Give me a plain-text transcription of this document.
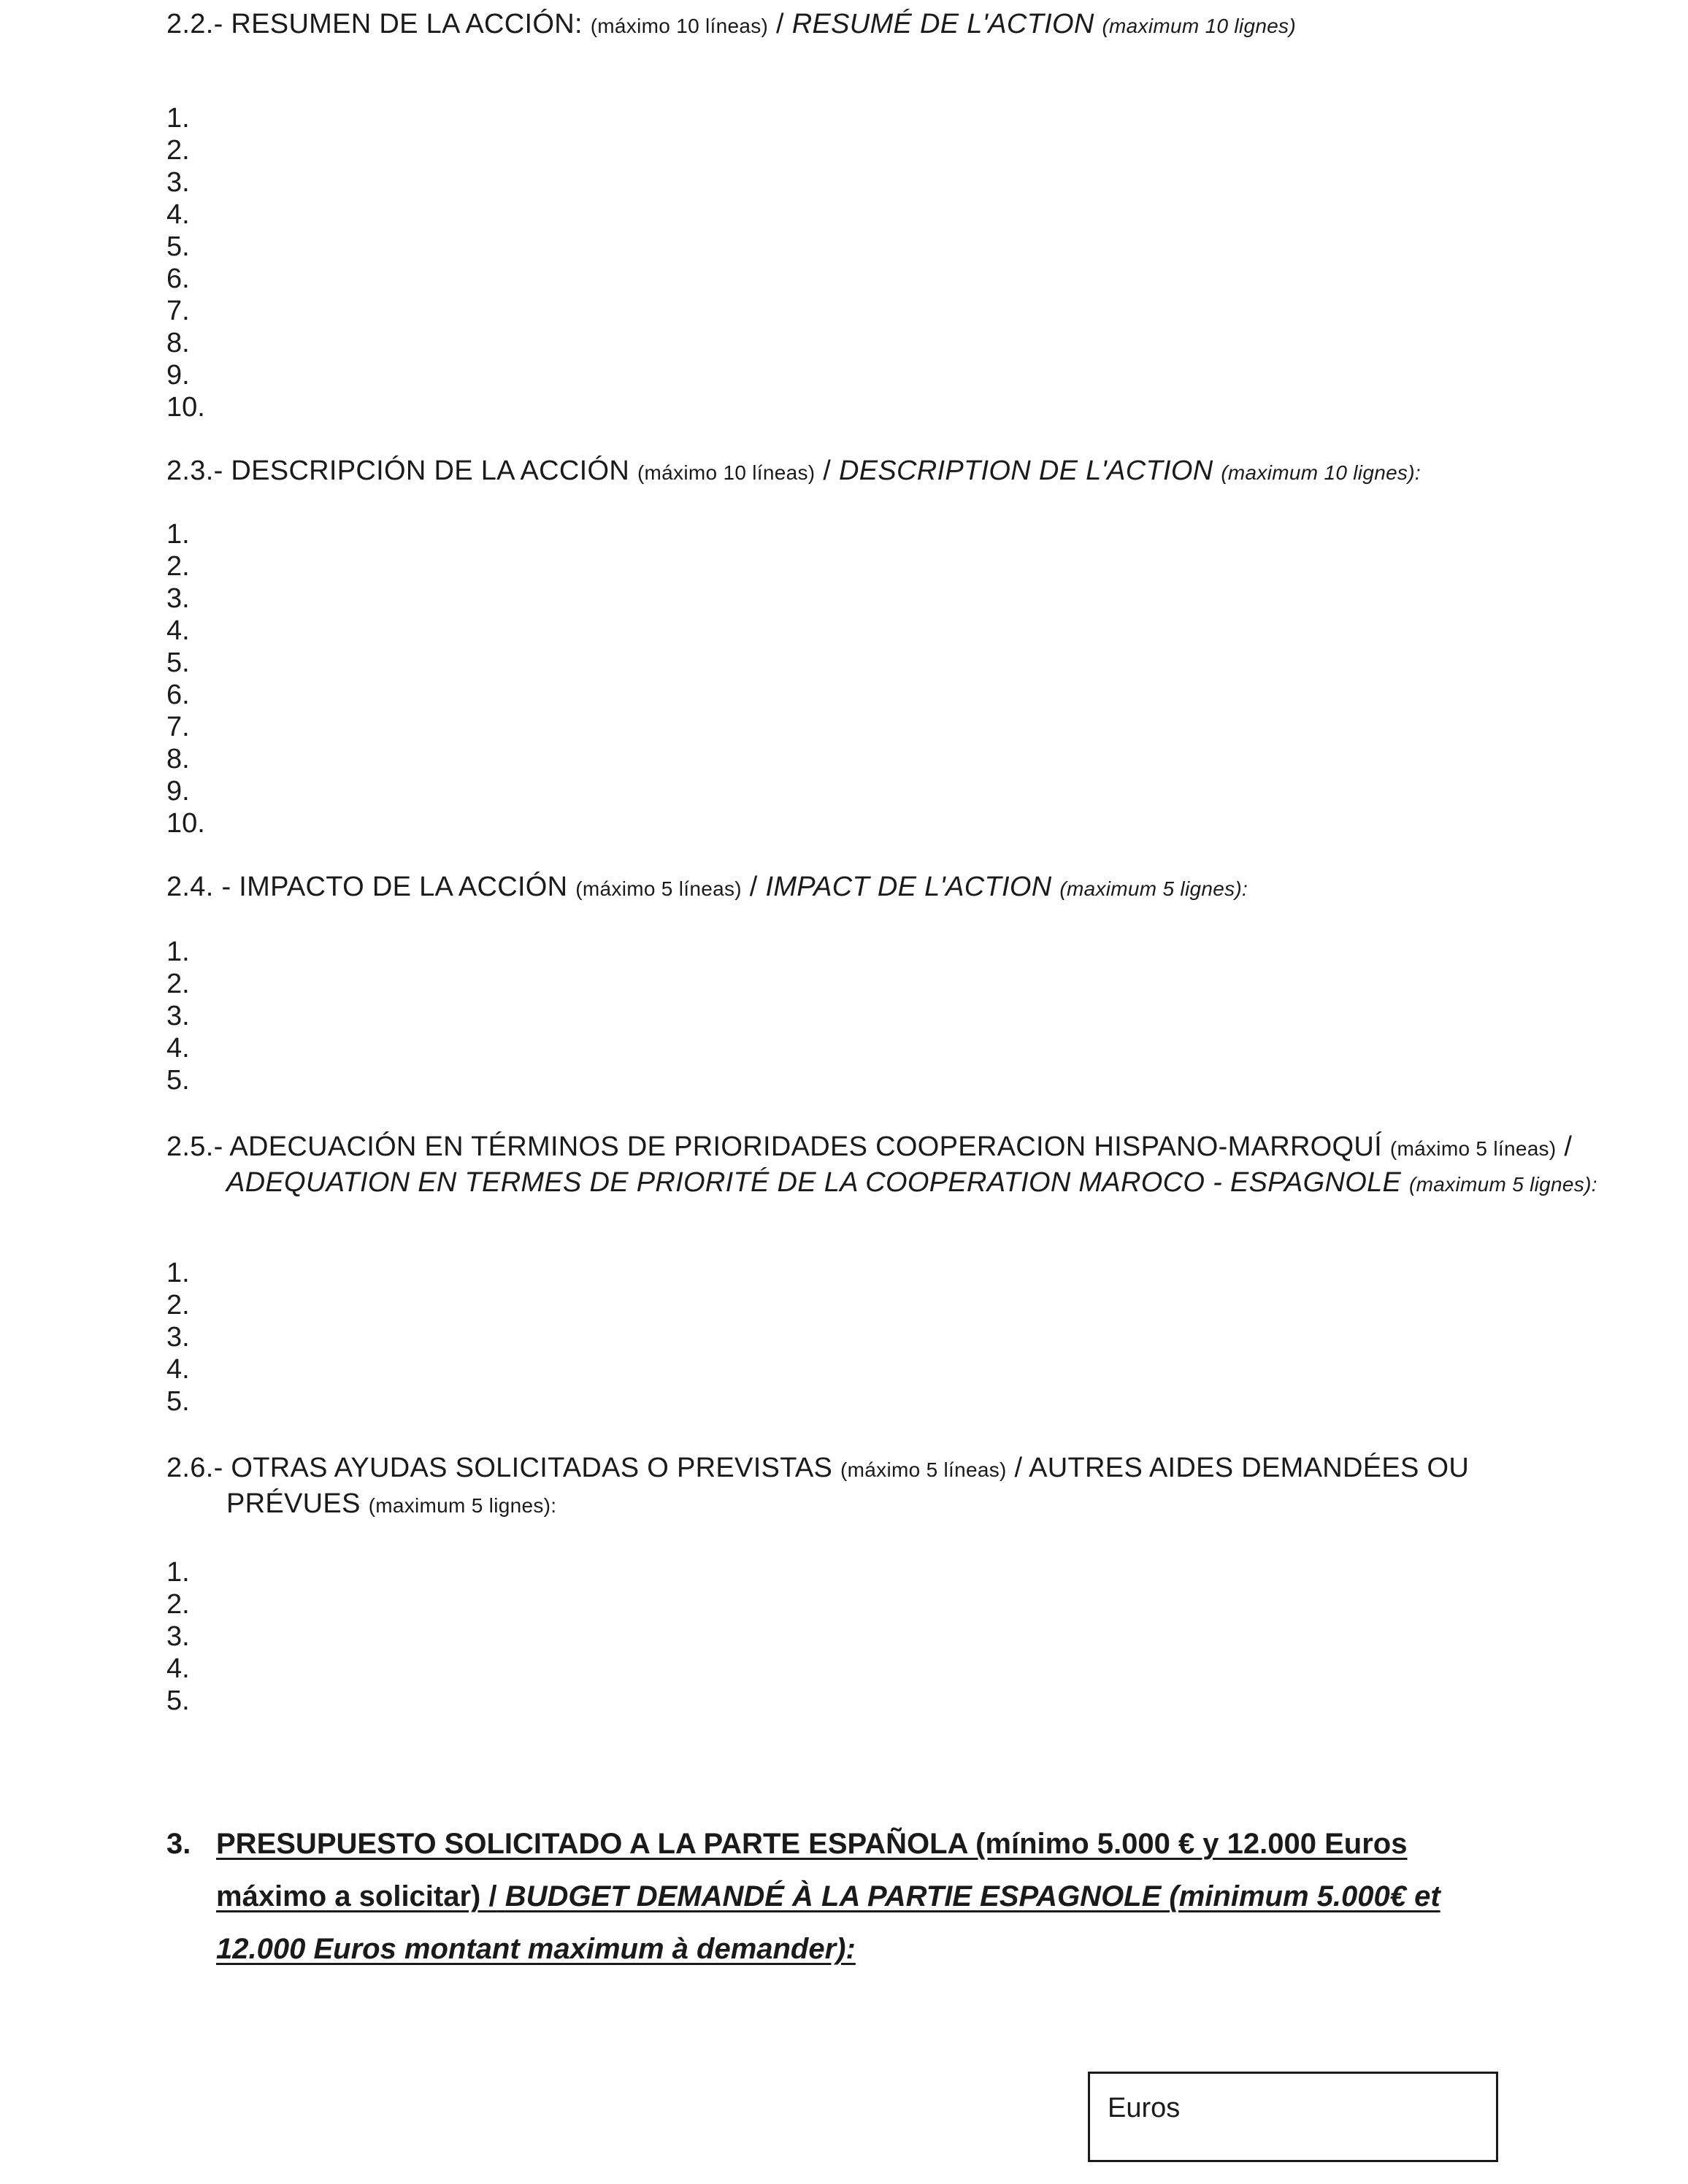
2.2.- RESUMEN DE LA ACCIÓN: (máximo 10 líneas) / RESUMÉ DE L'ACTION (maximum 10 lignes)
1.
2.
3.
4.
5.
6.
7.
8.
9.
10.
2.3.- DESCRIPCIÓN DE LA ACCIÓN (máximo 10 líneas) / DESCRIPTION DE L'ACTION (maximum 10 lignes):
1.
2.
3.
4.
5.
6.
7.
8.
9.
10.
2.4. - IMPACTO DE LA ACCIÓN (máximo 5 líneas) / IMPACT DE L'ACTION (maximum 5 lignes):
1.
2.
3.
4.
5.
2.5.- ADECUACIÓN EN TÉRMINOS DE PRIORIDADES COOPERACION HISPANO-MARROQUÍ (máximo 5 líneas) / ADEQUATION EN TERMES DE PRIORITÉ DE LA COOPERATION MAROCO - ESPAGNOLE (maximum 5 lignes):
1.
2.
3.
4.
5.
2.6.- OTRAS AYUDAS SOLICITADAS O PREVISTAS (máximo 5 líneas) / AUTRES AIDES DEMANDÉES OU PRÉVUES (maximum 5 lignes):
1.
2.
3.
4.
5.
3. PRESUPUESTO SOLICITADO A LA PARTE ESPAÑOLA (mínimo 5.000 € y 12.000 Euros máximo a solicitar) / BUDGET DEMANDÉ À LA PARTIE ESPAGNOLE (minimum 5.000€ et 12.000 Euros montant maximum à demander):
Euros
